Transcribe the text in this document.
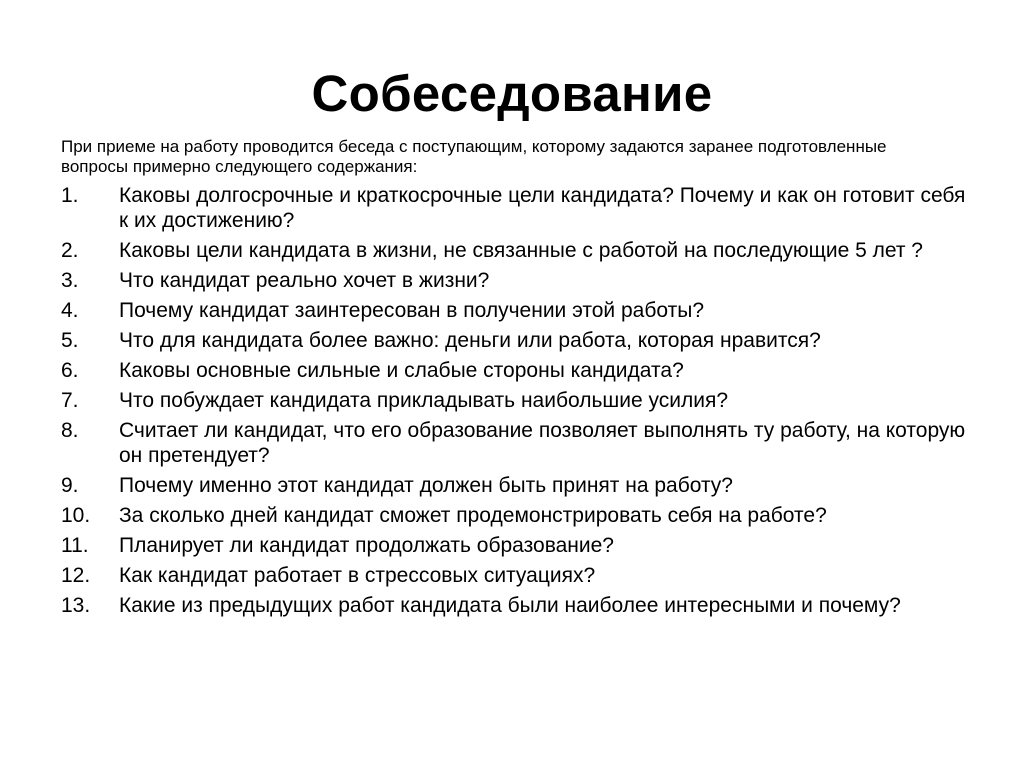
Собеседование

При приеме на работу проводится беседа с поступающим, которому задаются заранее подготовленные вопросы примерно следующего содержания:

1.	Каковы долгосрочные и краткосрочные цели кандидата? Почему и как он готовит себя к их достижению?
2.	Каковы цели кандидата в жизни, не связанные с работой на последующие 5 лет ?
3.	Что кандидат реально хочет в жизни?
4.	Почему кандидат заинтересован в получении этой работы?
5.	Что для кандидата более важно: деньги или работа, которая нравится?
6.	Каковы основные сильные и слабые стороны кандидата?
7.	Что побуждает кандидата прикладывать наибольшие усилия?
8.	Считает ли кандидат, что его образование позволяет выполнять ту работу, на которую он претендует?
9.	Почему именно этот кандидат должен быть принят на работу?
10.	За сколько дней кандидат сможет продемонстрировать себя на работе?
11.	Планирует ли кандидат продолжать образование?
12.	Как кандидат работает в стрессовых ситуациях?
13.	Какие из предыдущих работ кандидата были наиболее интересными и почему?
